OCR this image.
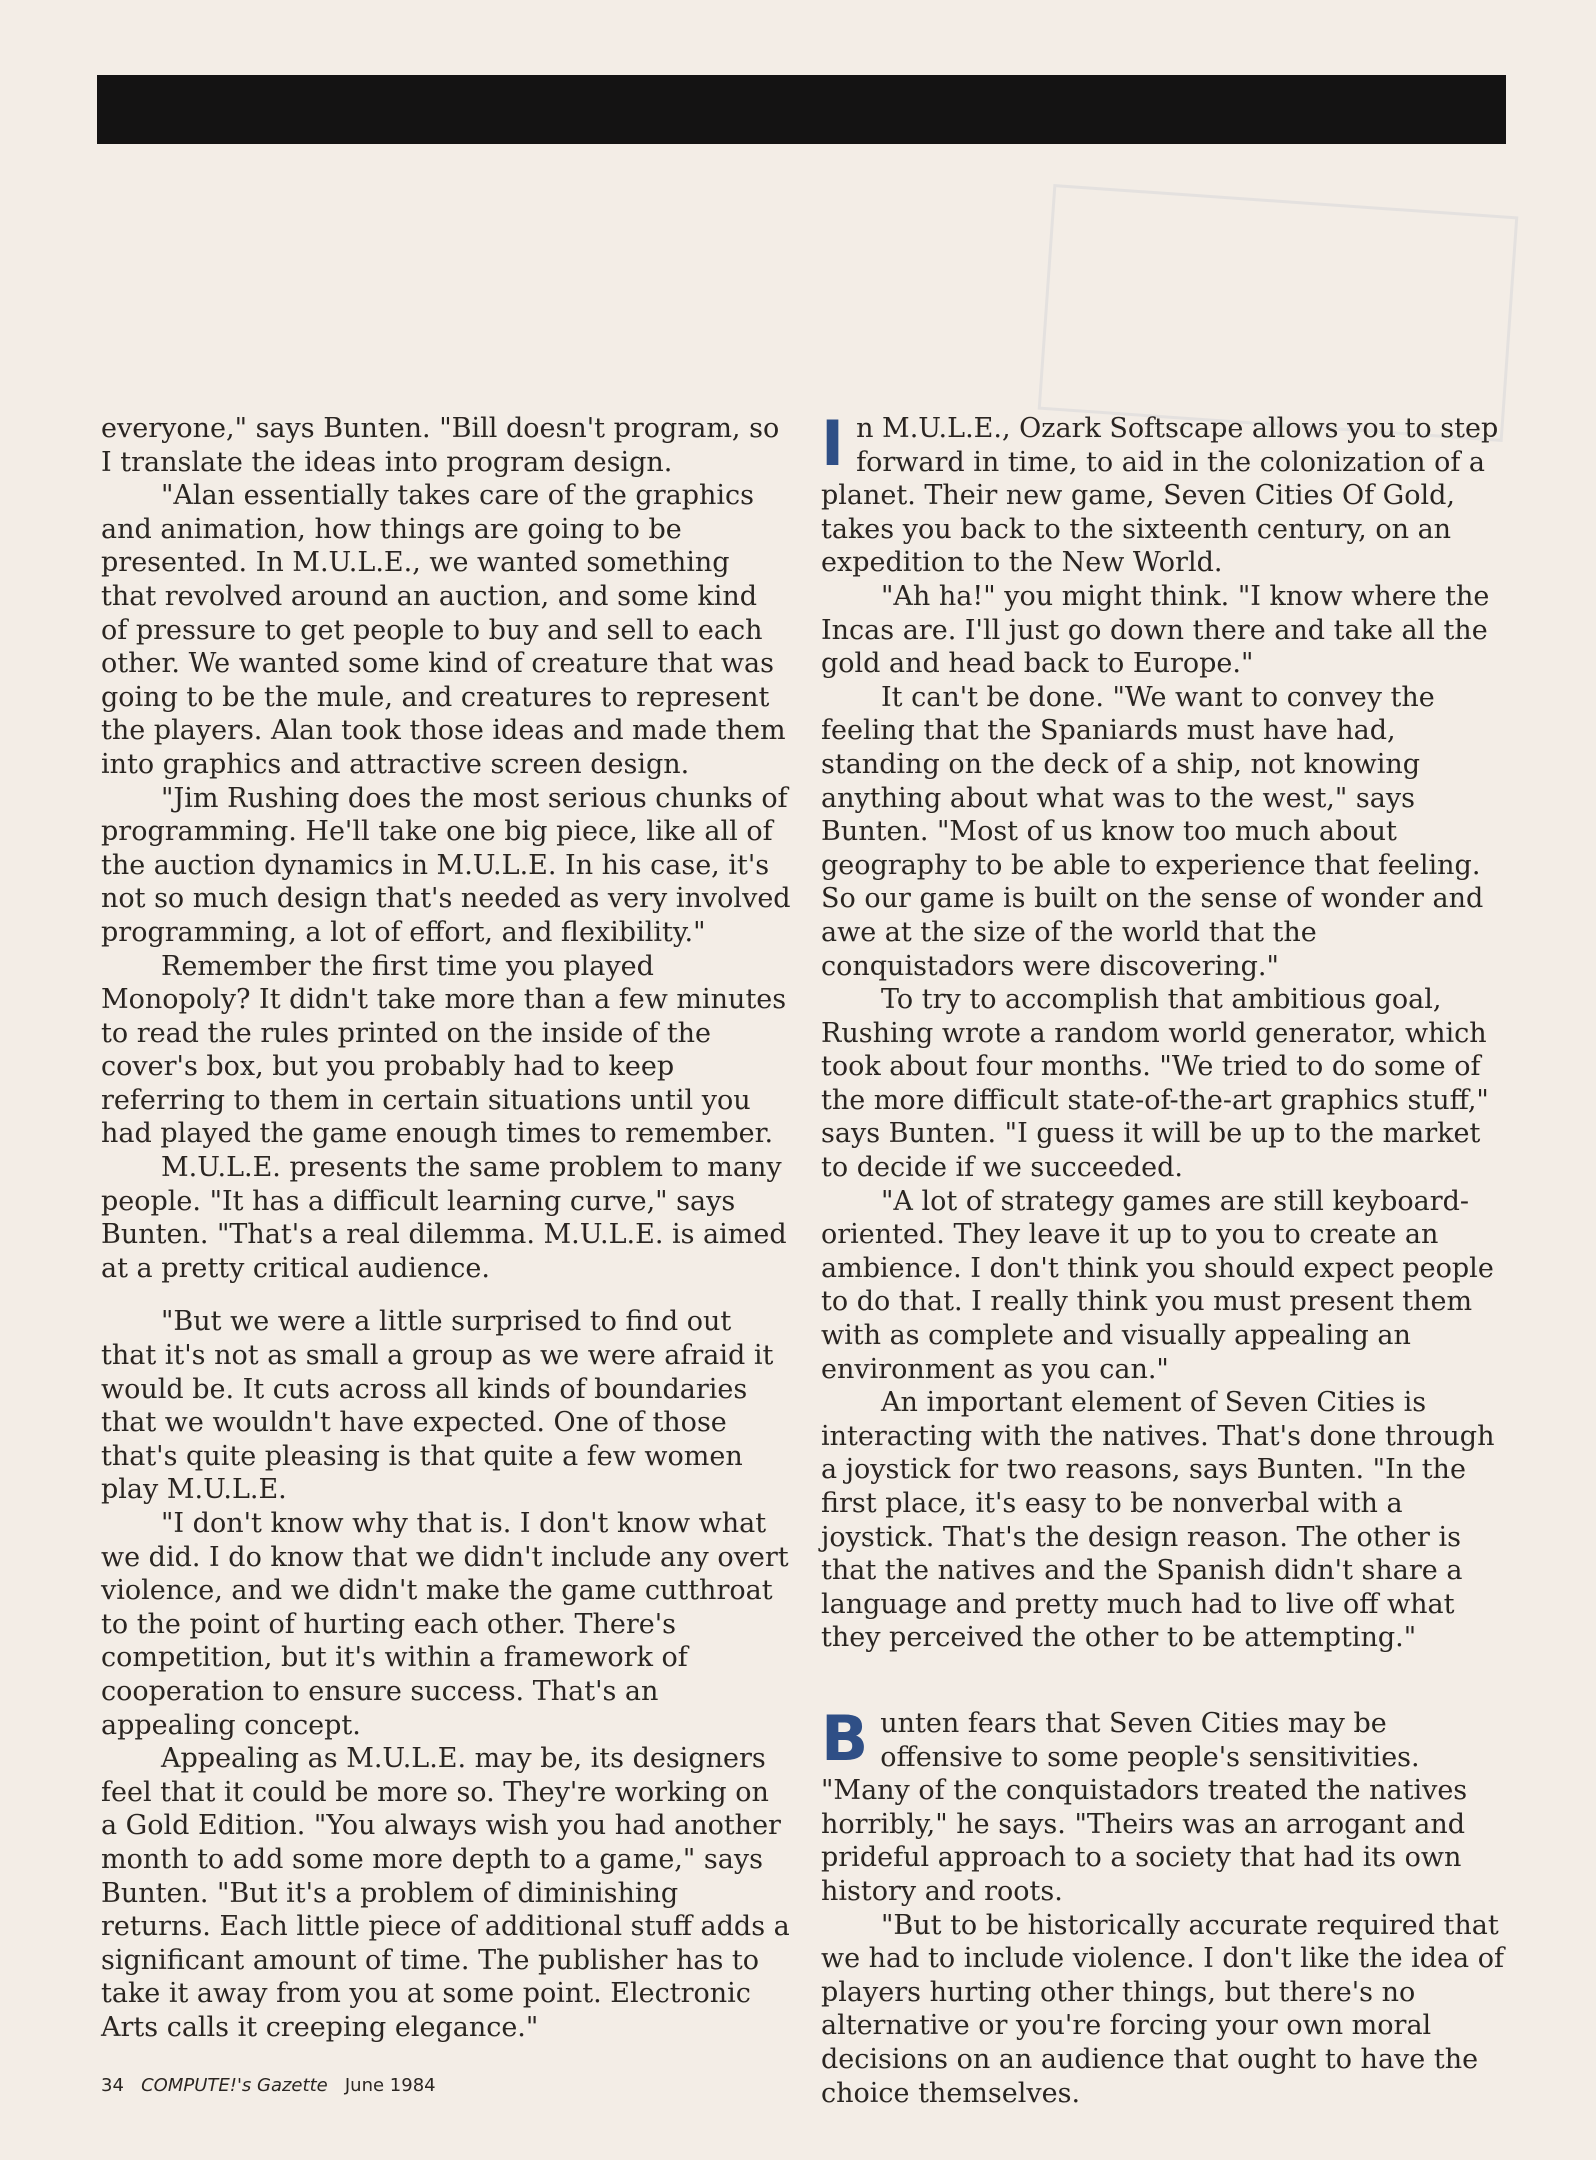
everyone," says Bunten. "Bill doesn't program, so I translate the ideas into program design.

"Alan essentially takes care of the graphics and animation, how things are going to be presented. In M.U.L.E., we wanted something that revolved around an auction, and some kind of pressure to get people to buy and sell to each other. We wanted some kind of creature that was going to be the mule, and creatures to represent the players. Alan took those ideas and made them into graphics and attractive screen design.

"Jim Rushing does the most serious chunks of programming. He'll take one big piece, like all of the auction dynamics in M.U.L.E. In his case, it's not so much design that's needed as very involved programming, a lot of effort, and flexibility."

Remember the first time you played Monopoly? It didn't take more than a few minutes to read the rules printed on the inside of the cover's box, but you probably had to keep referring to them in certain situations until you had played the game enough times to remember.

M.U.L.E. presents the same problem to many people. "It has a difficult learning curve," says Bunten. "That's a real dilemma. M.U.L.E. is aimed at a pretty critical audience.

"But we were a little surprised to find out that it's not as small a group as we were afraid it would be. It cuts across all kinds of boundaries that we wouldn't have expected. One of those that's quite pleasing is that quite a few women play M.U.L.E.

"I don't know why that is. I don't know what we did. I do know that we didn't include any overt violence, and we didn't make the game cutthroat to the point of hurting each other. There's competition, but it's within a framework of cooperation to ensure success. That's an appealing concept.

Appealing as M.U.L.E. may be, its designers feel that it could be more so. They're working on a Gold Edition. "You always wish you had another month to add some more depth to a game," says Bunten. "But it's a problem of diminishing returns. Each little piece of additional stuff adds a significant amount of time. The publisher has to take it away from you at some point. Electronic Arts calls it creeping elegance."

In M.U.L.E., Ozark Softscape allows you to step forward in time, to aid in the colonization of a planet. Their new game, Seven Cities Of Gold, takes you back to the sixteenth century, on an expedition to the New World.

"Ah ha!" you might think. "I know where the Incas are. I'll just go down there and take all the gold and head back to Europe."

It can't be done. "We want to convey the feeling that the Spaniards must have had, standing on the deck of a ship, not knowing anything about what was to the west," says Bunten. "Most of us know too much about geography to be able to experience that feeling. So our game is built on the sense of wonder and awe at the size of the world that the conquistadors were discovering."

To try to accomplish that ambitious goal, Rushing wrote a random world generator, which took about four months. "We tried to do some of the more difficult state-of-the-art graphics stuff," says Bunten. "I guess it will be up to the market to decide if we succeeded.

"A lot of strategy games are still keyboard-oriented. They leave it up to you to create an ambience. I don't think you should expect people to do that. I really think you must present them with as complete and visually appealing an environment as you can."

An important element of Seven Cities is interacting with the natives. That's done through a joystick for two reasons, says Bunten. "In the first place, it's easy to be nonverbal with a joystick. That's the design reason. The other is that the natives and the Spanish didn't share a language and pretty much had to live off what they perceived the other to be attempting."

Bunten fears that Seven Cities may be offensive to some people's sensitivities. "Many of the conquistadors treated the natives horribly," he says. "Theirs was an arrogant and prideful approach to a society that had its own history and roots.

"But to be historically accurate required that we had to include violence. I don't like the idea of players hurting other things, but there's no alternative or you're forcing your own moral decisions on an audience that ought to have the choice themselves.

34 COMPUTE!'s Gazette June 1984
